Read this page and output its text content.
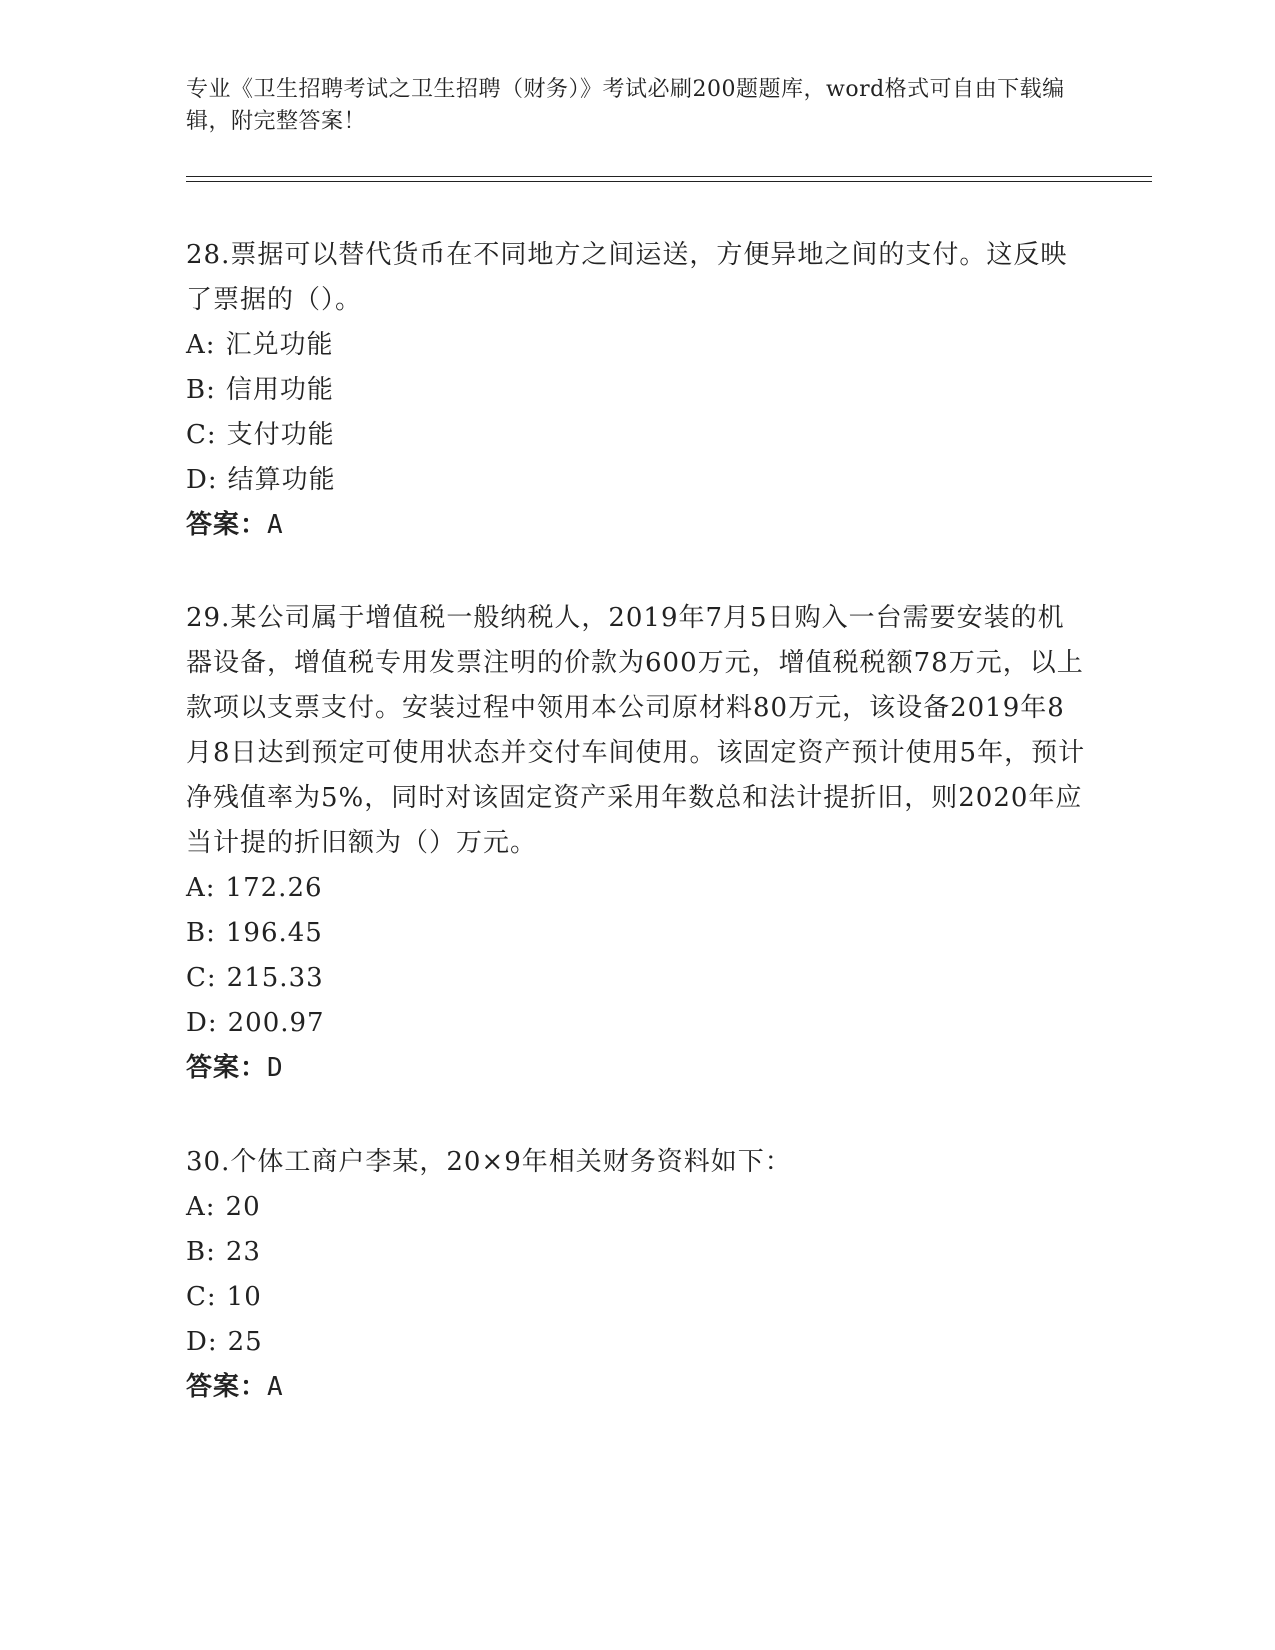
专业《卫生招聘考试之卫生招聘（财务）》考试必刷200题题库，word格式可自由下载编辑，附完整答案！

28.票据可以替代货币在不同地方之间运送，方便异地之间的支付。这反映了票据的（）。

A: 汇兑功能

B: 信用功能

C: 支付功能

D: 结算功能

答案：A

29.某公司属于增值税一般纳税人，2019年7月5日购入一台需要安装的机器设备，增值税专用发票注明的价款为600万元，增值税税额78万元，以上款项以支票支付。安装过程中领用本公司原材料80万元，该设备2019年8月8日达到预定可使用状态并交付车间使用。该固定资产预计使用5年，预计净残值率为5%，同时对该固定资产采用年数总和法计提折旧，则2020年应当计提的折旧额为（）万元。

A: 172.26

B: 196.45

C: 215.33

D: 200.97

答案：D

30.个体工商户李某，20×9年相关财务资料如下：

A: 20

B: 23

C: 10

D: 25

答案：A
